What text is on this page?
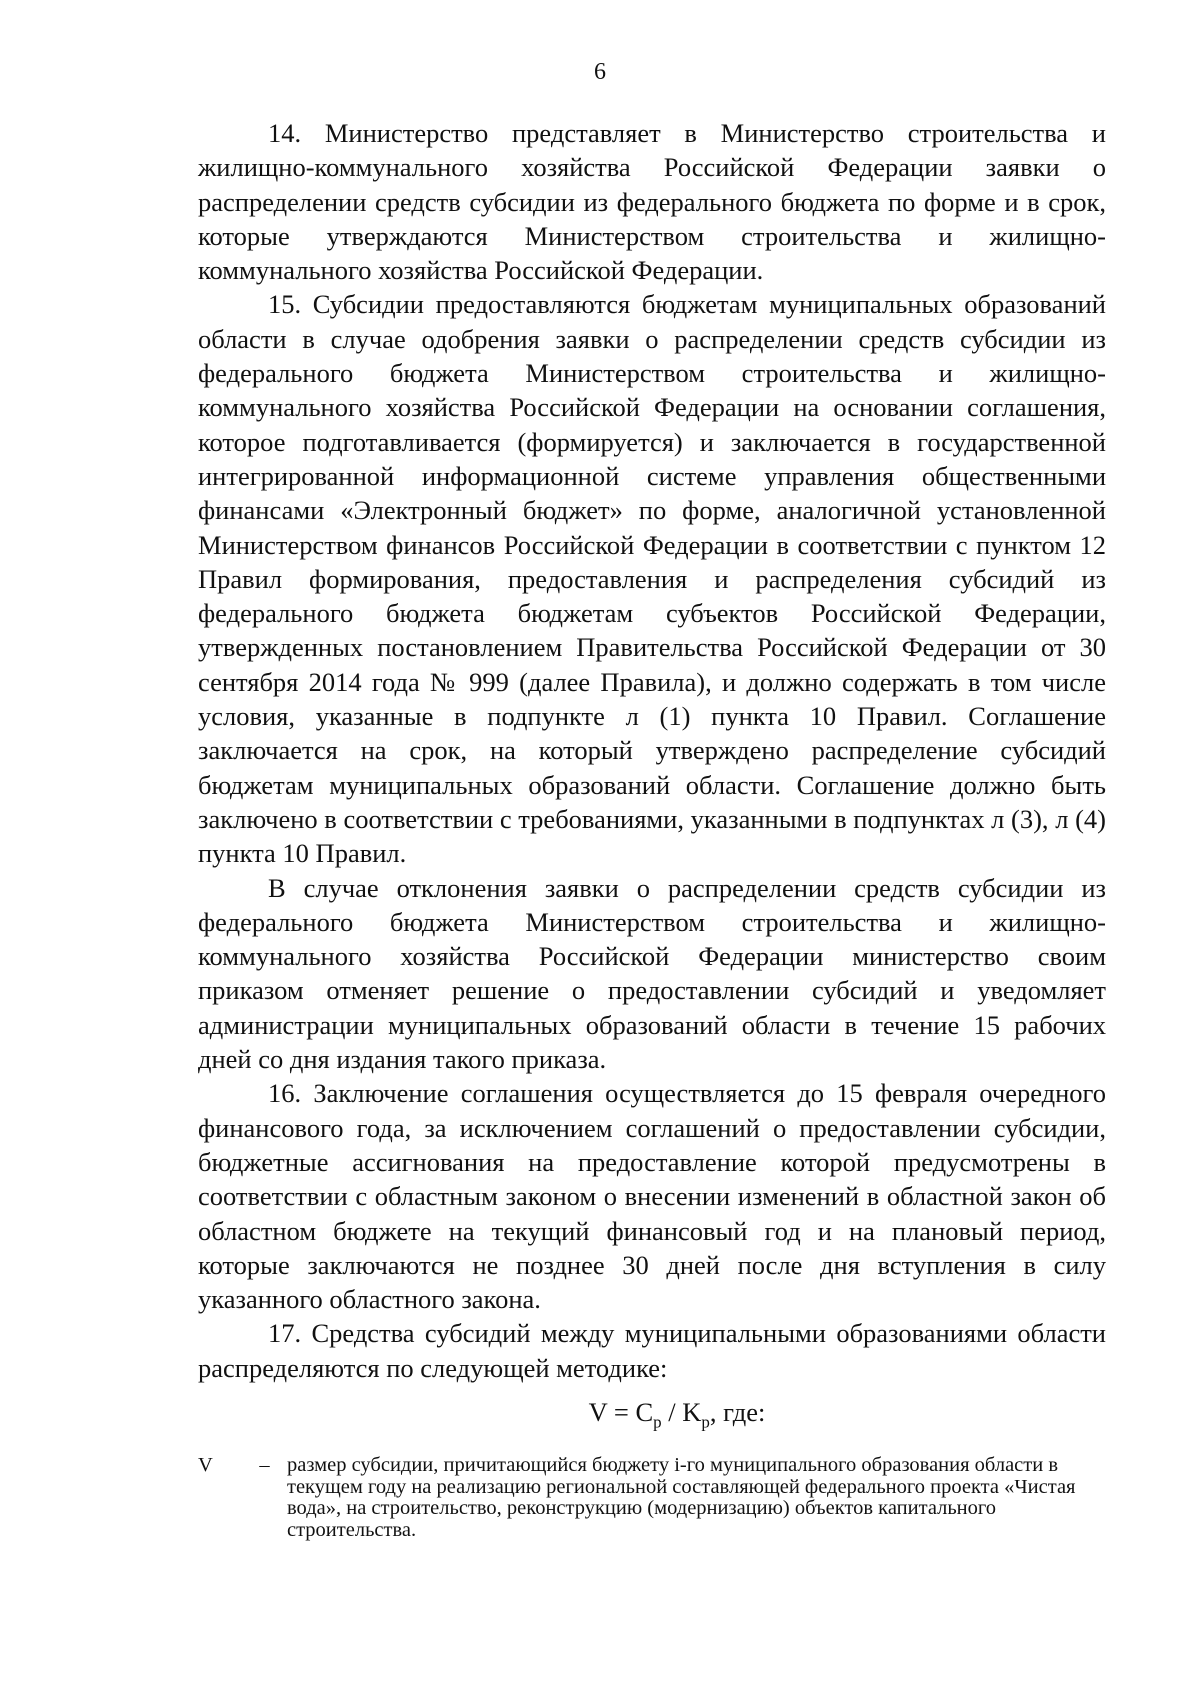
6

14. Министерство представляет в Министерство строительства и жилищно-коммунального хозяйства Российской Федерации заявки о распределении средств субсидии из федерального бюджета по форме и в срок, которые утверждаются Министерством строительства и жилищно-коммунального хозяйства Российской Федерации.

15. Субсидии предоставляются бюджетам муниципальных образований области в случае одобрения заявки о распределении средств субсидии из федерального бюджета Министерством строительства и жилищно-коммунального хозяйства Российской Федерации на основании соглашения, которое подготавливается (формируется) и заключается в государственной интегрированной информационной системе управления общественными финансами «Электронный бюджет» по форме, аналогичной установленной Министерством финансов Российской Федерации в соответствии с пунктом 12 Правил формирования, предоставления и распределения субсидий из федерального бюджета бюджетам субъектов Российской Федерации, утвержденных постановлением Правительства Российской Федерации от 30 сентября 2014 года № 999 (далее Правила), и должно содержать в том числе условия, указанные в подпункте л (1) пункта 10 Правил. Соглашение заключается на срок, на который утверждено распределение субсидий бюджетам муниципальных образований области. Соглашение должно быть заключено в соответствии с требованиями, указанными в подпунктах л (3), л (4) пункта 10 Правил.

В случае отклонения заявки о распределении средств субсидии из федерального бюджета Министерством строительства и жилищно-коммунального хозяйства Российской Федерации министерство своим приказом отменяет решение о предоставлении субсидий и уведомляет администрации муниципальных образований области в течение 15 рабочих дней со дня издания такого приказа.

16. Заключение соглашения осуществляется до 15 февраля очередного финансового года, за исключением соглашений о предоставлении субсидии, бюджетные ассигнования на предоставление которой предусмотрены в соответствии с областным законом о внесении изменений в областной закон об областном бюджете на текущий финансовый год и на плановый период, которые заключаются не позднее 30 дней после дня вступления в силу указанного областного закона.

17. Средства субсидий между муниципальными образованиями области распределяются по следующей методике:

$V = C_p / K_p$, где:
V	– размер субсидии, причитающийся бюджету i-го муниципального образования области в текущем году на реализацию региональной составляющей федерального проекта «Чистая вода», на строительство, реконструкцию (модернизацию) объектов капитального строительства.
